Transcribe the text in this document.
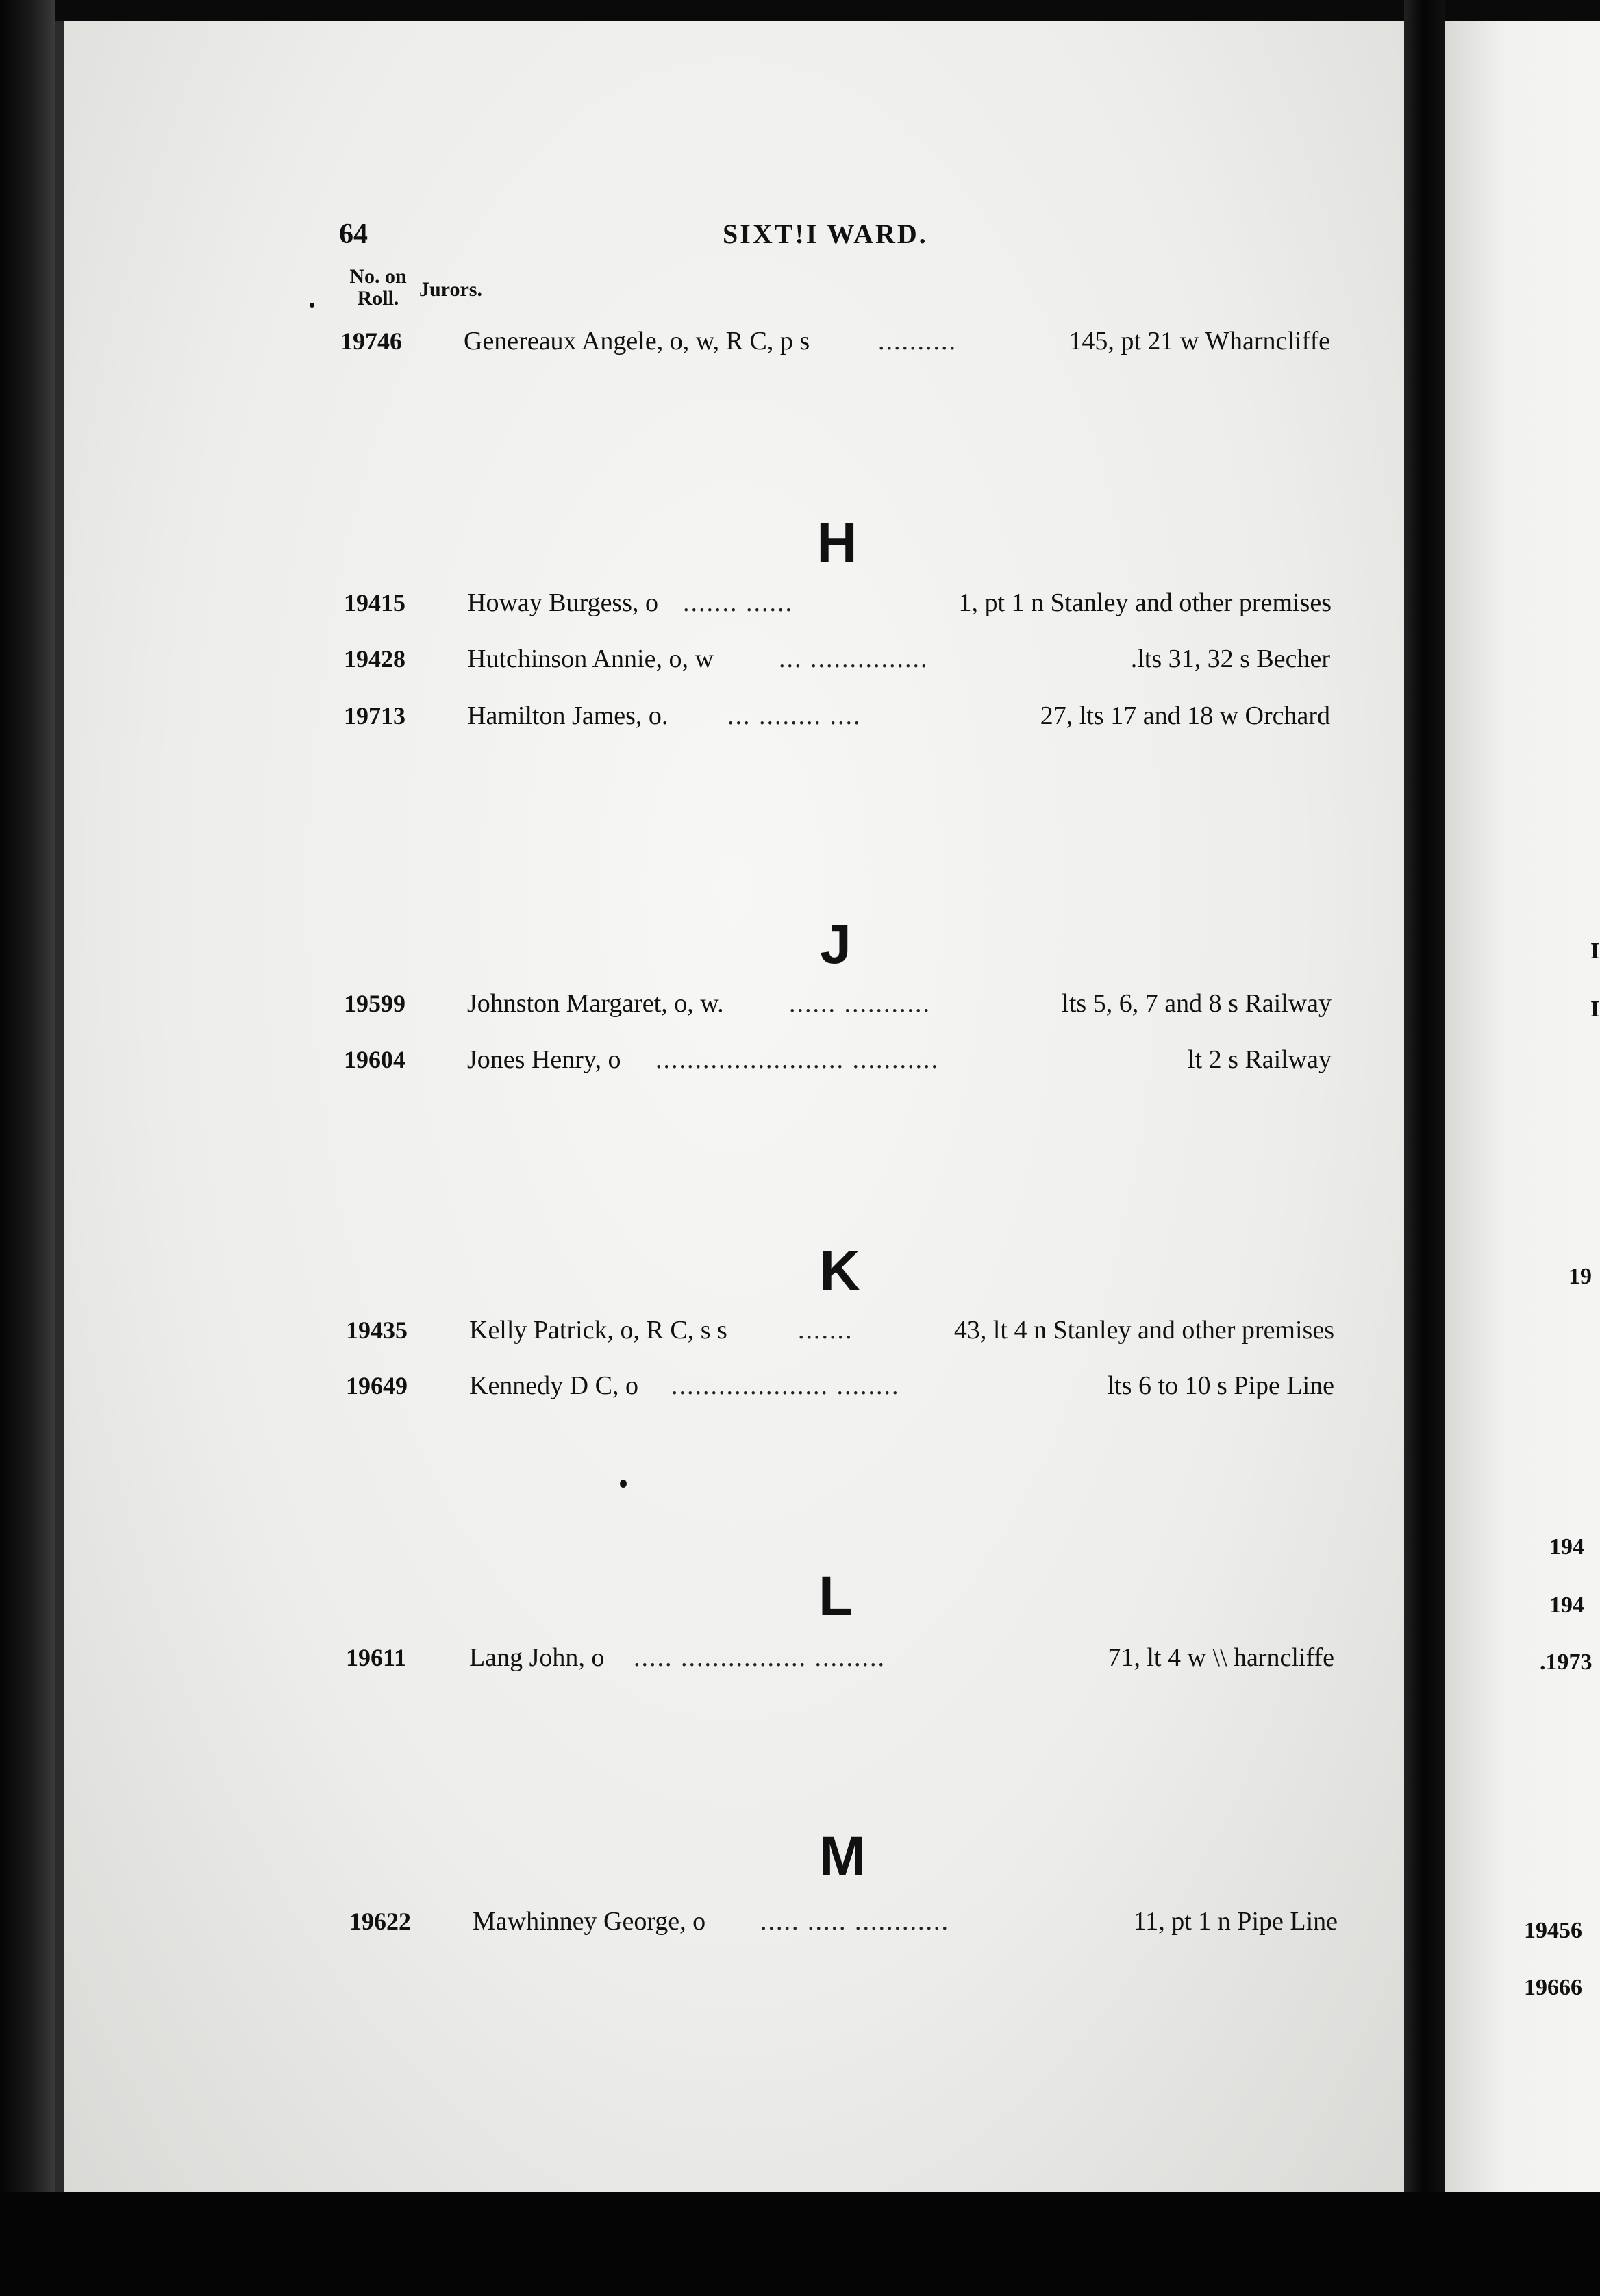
64	SIXT!I WARD.
No. on
Roll. Jurors.
19746 Genereaux Angele, o, w, R C, p s	..........	145, pt 21 w Wharncliffe
H
19415 Howay Burgess, o ....... ......	1, pt 1 n Stanley and other premises
19428 Hutchinson Annie, o, w	... ...............	.lts 31, 32 s Becher
19713 Hamilton James, o. ... ........ ....	27, lts 17 and 18 w Orchard
J
19599 Johnston Margaret, o, w.	...... ...........	lts 5, 6, 7 and 8 s Railway
19604 Jones Henry, o ........................ ...........	lt 2 s Railway
K
19435 Kelly Patrick, o, R C, s s	.......	43, lt 4 n Stanley and other premises
19649 Kennedy D C, o .................... ........	lts 6 to 10 s Pipe Line
L
19611 Lang John, o ..... ................ .........	71, lt 4 w \\ harncliffe
M
19622 Mawhinney George, o ..... ..... ............	11, pt 1 n Pipe Line
I
I
19
194
194
.1973
19456
19666
